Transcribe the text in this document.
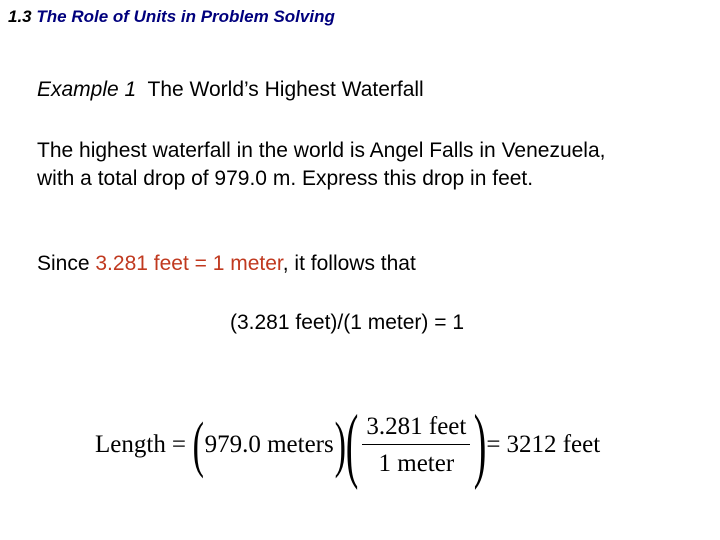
1.3 The Role of Units in Problem Solving
Example 1 The World’s Highest Waterfall
The highest waterfall in the world is Angel Falls in Venezuela,
with a total drop of 979.0 m. Express this drop in feet.
Since 3.281 feet = 1 meter, it follows that
(3.281 feet)/(1 meter) = 1
Length = ( 979.0 meters ) ( $\frac{\text{3.281 feet}}{\text{1 meter}}$ ) = 3212 feet
